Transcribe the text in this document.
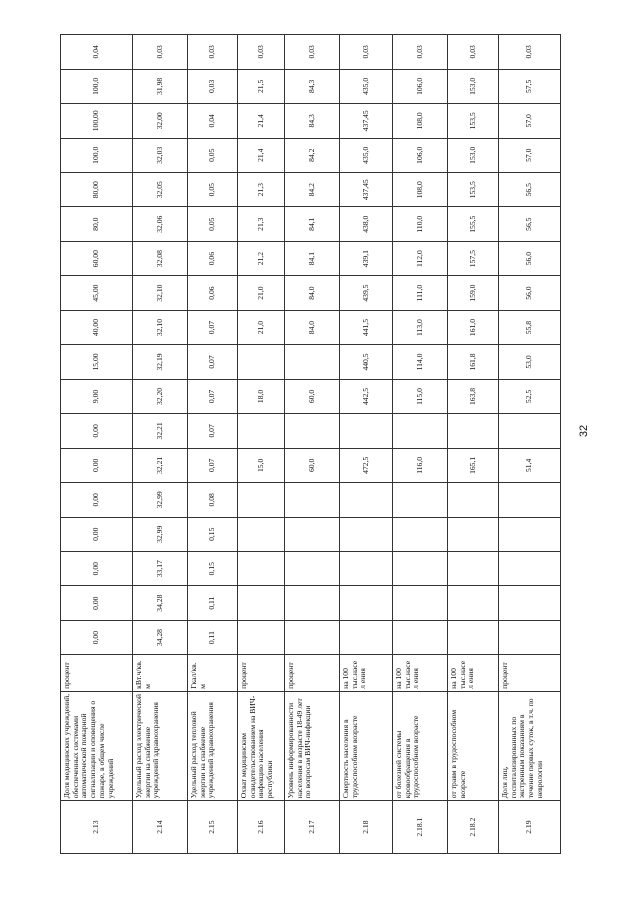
2.13	Доля медицинских учреждений, обеспеченных системами автоматической пожарной сигнализации и оповещения о пожаре, в общем числе учреждений	процент	0,00	0,00	0,00	0,00	0,00	0,00	0,00	9,00	15,00	40,00	45,00	60,00	80,0	80,00	100,0	100,00	100,0	0,04
2.14	Удельный расход электрической энергии на снабжение учреждений здравоохранения	кВт.ч/кв. м	34,28	34,28	33,17	32,99	32,99	32,21	32,21	32,20	32,19	32,10	32,10	32,08	32,06	32,05	32,03	32,00	31,98	0,03
2.15	Удельный расход тепловой энергии на снабжение учреждений здравоохранения	Гкал/кв. м	0,11	0,11	0,15	0,15	0,08	0,07	0,07	0,07	0,07	0,07	0,06	0,06	0,05	0,05	0,05	0,04	0,03	0,03
2.16	Охват медицинским освидетельствованием на ВИЧ-инфекцию населения республики	процент						15,0		18,0		21,0	21,0	21,2	21,3	21,3	21,4	21,4	21,5	0,03
2.17	Уровень информированности населения в возрасте 18-49 лет по вопросам ВИЧ-инфекции	процент						60,0		60,0		84,0	84,0	84,1	84,1	84,2	84,2	84,3	84,3	0,03
2.18	Смертность населения в трудоспособном возрасте	на 100 тыс.насел ения						472,5		442,5	440,5	441,5	439,5	439,1	438,0	437,45	435,0	437,45	435,0	0,03
2.18.1	от болезней системы кровообращения в трудоспособном возрасте	на 100 тыс.насел ения						116,0		115,0	114,0	113,0	111,0	112,0	110,0	108,0	106,0	108,0	106,0	0,03
2.18.2	от травм в трудоспособном возрасте	на 100 тыс.насел ения						165,1		163,8	161,8	161,0	159,0	157,5	155,5	153,5	153,0	153,5	153,0	0,03
2.19	Доля лиц, госпитализированных по экстренным показаниям в течение первых суток, в т.ч. по неврологии	процент						51,4		52,5	53,0	55,8	56,0	56,0	56,5	56,5	57,0	57,0	57,5	0,03
32
